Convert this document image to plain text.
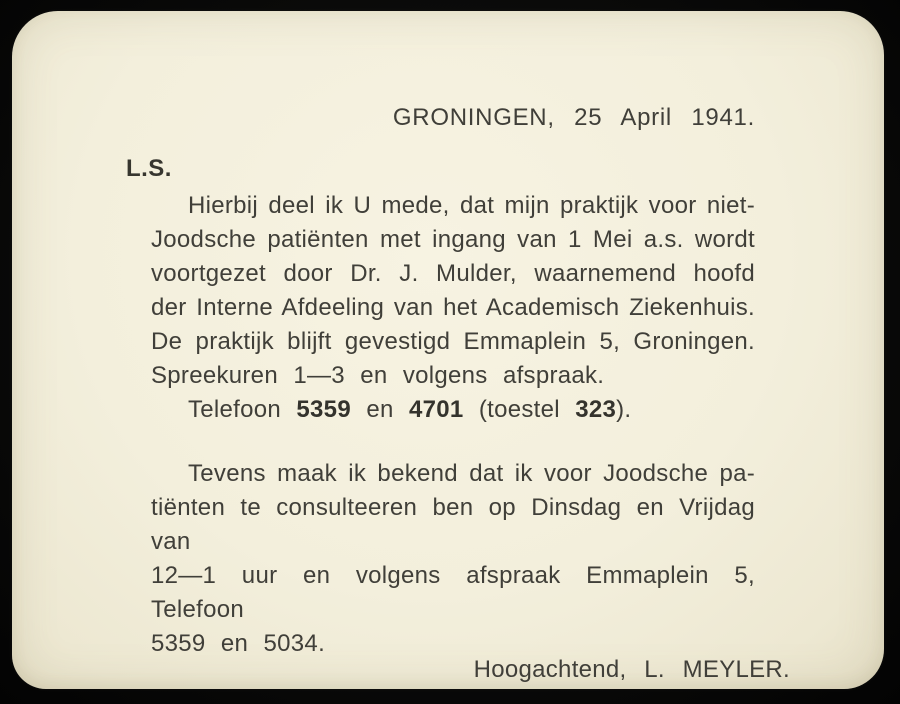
GRONINGEN, 25 April 1941.
L.S.
Hierbij deel ik U mede, dat mijn praktijk voor niet-
Joodsche patiënten met ingang van 1 Mei a.s. wordt
voortgezet door Dr. J. Mulder, waarnemend hoofd
der Interne Afdeeling van het Academisch Ziekenhuis.
De praktijk blijft gevestigd Emmaplein 5, Groningen.
Spreekuren 1—3 en volgens afspraak.
Telefoon 5359 en 4701 (toestel 323).
Tevens maak ik bekend dat ik voor Joodsche pa-
tiënten te consulteeren ben op Dinsdag en Vrijdag van
12—1 uur en volgens afspraak Emmaplein 5, Telefoon
5359 en 5034.
Hoogachtend, L. MEYLER.
